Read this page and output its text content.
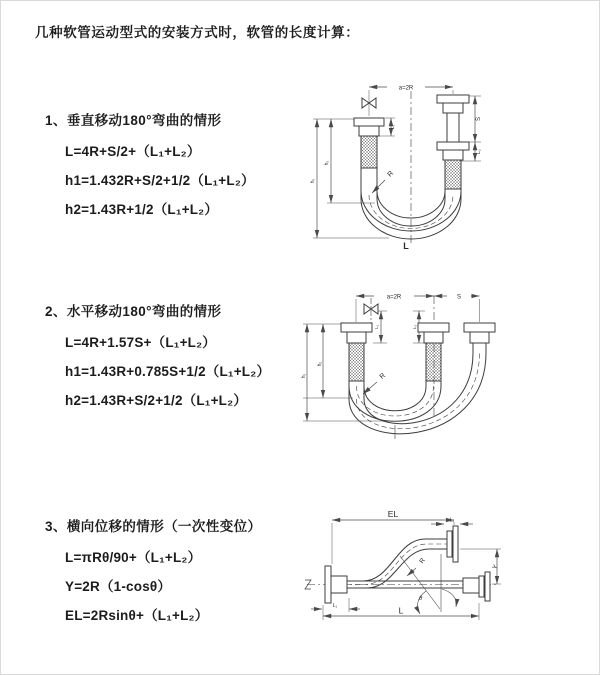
几种软管运动型式的安装方式时，软管的长度计算：
1、垂直移动180°弯曲的情形
L=4R+S/2+（L₁+L₂）
h1=1.432R+S/2+1/2（L₁+L₂）
h2=1.43R+1/2（L₁+L₂）
a=2R
S
L₂
h₂
h₁
L₁
R
L
2、水平移动180°弯曲的情形
L=4R+1.57S+（L₁+L₂）
h1=1.43R+0.785S+1/2（L₁+L₂）
h2=1.43R+S/2+1/2（L₁+L₂）
a=2R	S
h₁
h₂
L₁	L₂
R
3、横向位移的情形（一次性变位）
L=πRθ/90+（L₁+L₂）
Y=2R（1-cosθ）
EL=2Rsinθ+（L₁+L₂）
EL
L₂
Y
L
L₁
R
θ
